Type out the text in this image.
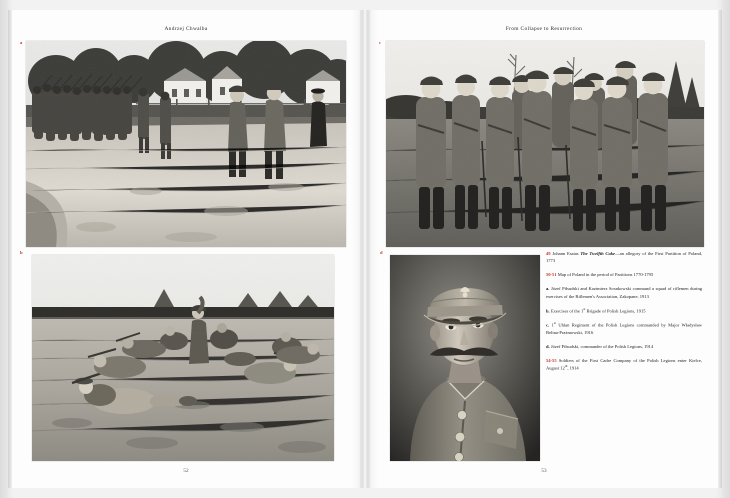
Andrzej Chwalba
a
b
52
From Collapse to Resurrection
c
d	49 Johann Esaias The Twelfth Cake—an allegory of the First Partition of Poland, 1773
50-51 Map of Poland in the period of Partitions 1770-1795
a. Józef Piłsudski and Kazimierz Sosnkowski command a squad of riflemen during exercises of the Riflemen's Association, Zakopane, 1913
b. Exercises of the 1st Brigade of Polish Legions, 1915
c. 1st Uhlan Regiment of the Polish Legions commanded by Major Władysław Belina-Prażmowski, 1916
d. Józef Piłsudski, commander of the Polish Legions, 1914
54-55 Soldiers of the First Cadre Company of the Polish Legions enter Kielce, August 12th, 1914
53
